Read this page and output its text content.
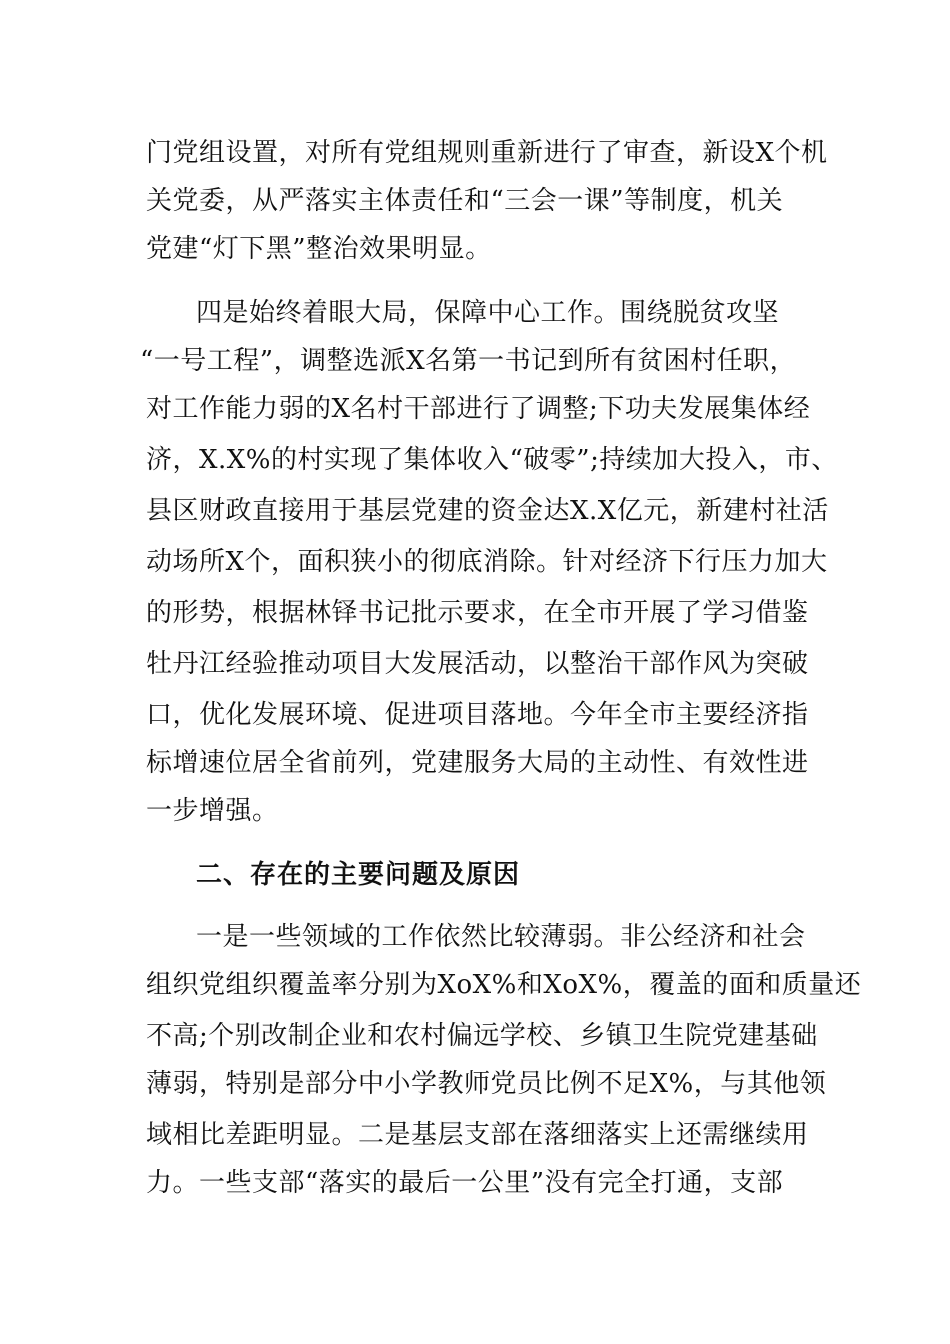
门党组设置，对所有党组规则重新进行了审查，新设X个机
关党委，从严落实主体责任和“三会一课”等制度，机关
党建“灯下黑”整治效果明显。
四是始终着眼大局，保障中心工作。围绕脱贫攻坚
“一号工程”，调整选派X名第一书记到所有贫困村任职，
对工作能力弱的X名村干部进行了调整;下功夫发展集体经
济，X.X%的村实现了集体收入“破零”;持续加大投入，市、
县区财政直接用于基层党建的资金达X.X亿元，新建村社活
动场所X个，面积狭小的彻底消除。针对经济下行压力加大
的形势，根据林铎书记批示要求，在全市开展了学习借鉴
牡丹江经验推动项目大发展活动，以整治干部作风为突破
口，优化发展环境、促进项目落地。今年全市主要经济指
标增速位居全省前列，党建服务大局的主动性、有效性进
一步增强。
二、存在的主要问题及原因
一是一些领域的工作依然比较薄弱。非公经济和社会
组织党组织覆盖率分别为XoX%和XoX%，覆盖的面和质量还
不高;个别改制企业和农村偏远学校、乡镇卫生院党建基础
薄弱，特别是部分中小学教师党员比例不足X%，与其他领
域相比差距明显。二是基层支部在落细落实上还需继续用
力。一些支部“落实的最后一公里”没有完全打通，支部
